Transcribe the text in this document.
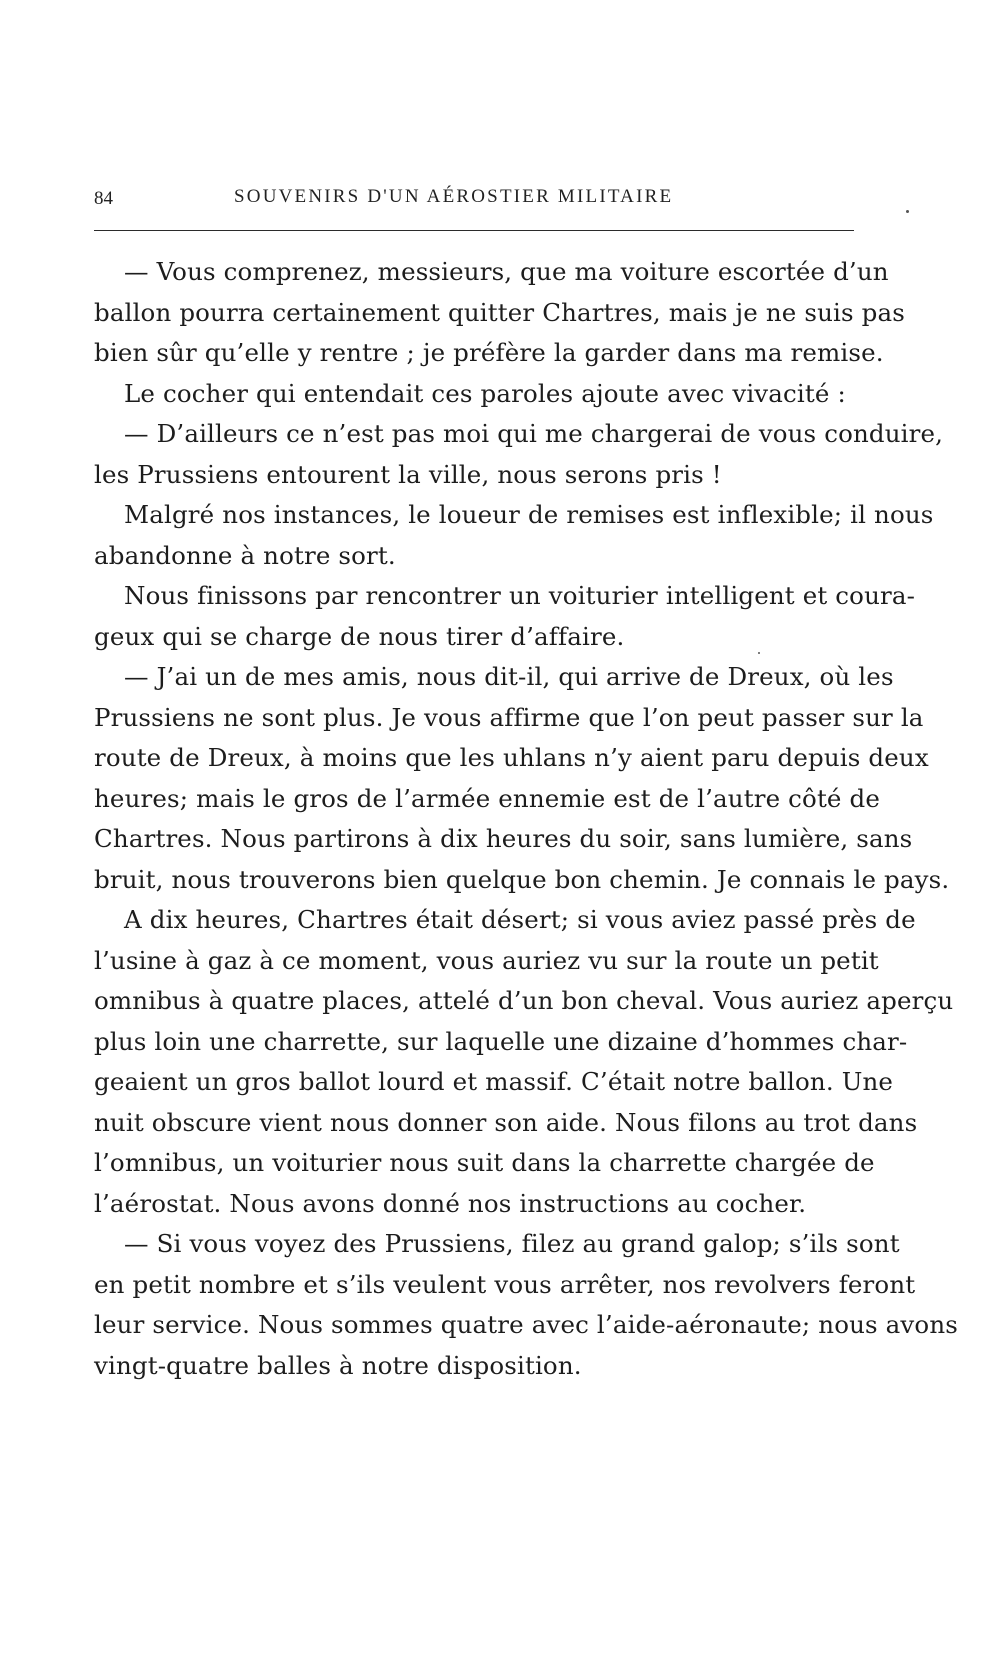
84	SOUVENIRS D'UN AÉROSTIER MILITAIRE
— Vous comprenez, messieurs, que ma voiture escortée d’un
ballon pourra certainement quitter Chartres, mais je ne suis pas
bien sûr qu’elle y rentre ; je préfère la garder dans ma remise.
Le cocher qui entendait ces paroles ajoute avec vivacité :
— D’ailleurs ce n’est pas moi qui me chargerai de vous conduire,
les Prussiens entourent la ville, nous serons pris !
Malgré nos instances, le loueur de remises est inflexible; il nous
abandonne à notre sort.
Nous finissons par rencontrer un voiturier intelligent et coura-
geux qui se charge de nous tirer d’affaire.
— J’ai un de mes amis, nous dit-il, qui arrive de Dreux, où les
Prussiens ne sont plus. Je vous affirme que l’on peut passer sur la
route de Dreux, à moins que les uhlans n’y aient paru depuis deux
heures; mais le gros de l’armée ennemie est de l’autre côté de
Chartres. Nous partirons à dix heures du soir, sans lumière, sans
bruit, nous trouverons bien quelque bon chemin. Je connais le pays.
A dix heures, Chartres était désert; si vous aviez passé près de
l’usine à gaz à ce moment, vous auriez vu sur la route un petit
omnibus à quatre places, attelé d’un bon cheval. Vous auriez aperçu
plus loin une charrette, sur laquelle une dizaine d’hommes char-
geaient un gros ballot lourd et massif. C’était notre ballon. Une
nuit obscure vient nous donner son aide. Nous filons au trot dans
l’omnibus, un voiturier nous suit dans la charrette chargée de
l’aérostat. Nous avons donné nos instructions au cocher.
— Si vous voyez des Prussiens, filez au grand galop; s’ils sont
en petit nombre et s’ils veulent vous arrêter, nos revolvers feront
leur service. Nous sommes quatre avec l’aide-aéronaute; nous avons
vingt-quatre balles à notre disposition.
